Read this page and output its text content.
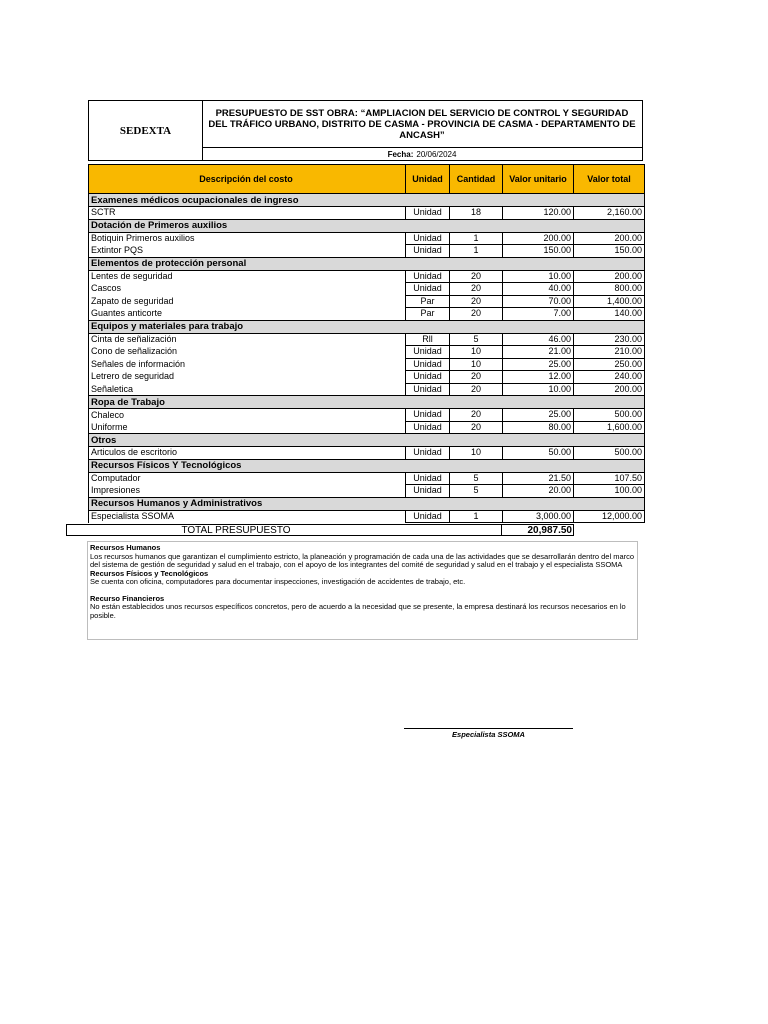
SEDEXTA
PRESUPUESTO DE SST OBRA: “AMPLIACION DEL SERVICIO DE CONTROL Y SEGURIDAD DEL TRÁFICO URBANO, DISTRITO DE CASMA - PROVINCIA DE CASMA - DEPARTAMENTO DE ANCASH”
Fecha: 20/06/2024
Descripción del costo	Unidad	Cantidad	Valor unitario	Valor total
Examenes médicos ocupacionales de ingreso				
SCTR	Unidad	18	120.00	2,160.00
Dotación de Primeros auxilios				
Botiquin Primeros auxilios	Unidad	1	200.00	200.00
Extintor PQS	Unidad	1	150.00	150.00
Elementos de protección personal				
Lentes de seguridad	Unidad	20	10.00	200.00
Cascos	Unidad	20	40.00	800.00
Zapato de seguridad	Par	20	70.00	1,400.00
Guantes anticorte	Par	20	7.00	140.00
Equipos y materiales para trabajo				
Cinta de señalización	Rll	5	46.00	230.00
Cono de señalización	Unidad	10	21.00	210.00
Señales de información	Unidad	10	25.00	250.00
Letrero de seguridad	Unidad	20	12.00	240.00
Señaletica	Unidad	20	10.00	200.00
Ropa de Trabajo				
Chaleco	Unidad	20	25.00	500.00
Uniforme	Unidad	20	80.00	1,600.00
Otros				
Articulos de escritorio	Unidad	10	50.00	500.00
Recursos Físicos Y Tecnológicos				
Computador	Unidad	5	21.50	107.50
Impresiones	Unidad	5	20.00	100.00
Recursos Humanos y Administrativos				
Especialista SSOMA	Unidad	1	3,000.00	12,000.00
TOTAL PRESUPUESTO	20,987.50
Recursos Humanos
Los recursos humanos que garantizan el cumplimiento estricto, la planeación y programación de cada una de las actividades que se desarrollarán dentro del marco del sistema de gestión de seguridad y salud en el trabajo, con el apoyo de los integrantes del comité de seguridad y salud en el trabajo y el especialista SSOMA
Recursos Físicos y Tecnológicos
Se cuenta con oficina, computadores para documentar inspecciones, investigación de accidentes de trabajo, etc.
Recurso Financieros
No están establecidos unos recursos específicos concretos, pero de acuerdo a la necesidad que se presente, la empresa destinará los recursos necesarios en lo posible.
Especialista SSOMA
